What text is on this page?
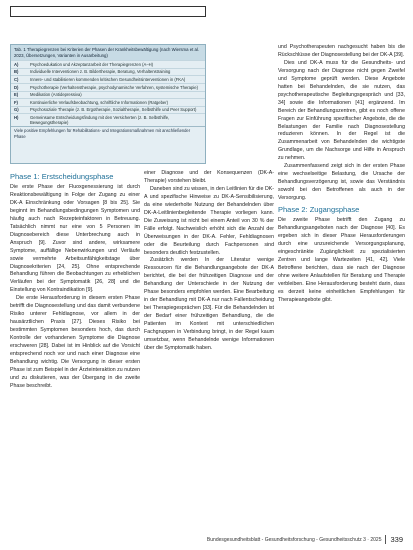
Tab. 1 Therapiegrenzen bei Kriterien der Phasen der Krankheitsbewältigung (nach Wiersma et al. 2023, Übersetzungen, Varianten in Ausarbeitung)
A)	Psychoedukation und Akzeptanzarbeit der Therapiegrenzen (A–H)
B)	Individuelle Interventionen z. B. Bildertherapie, Beratung, Verhaltenstraining
C)	Innere- und stabilisieren kommenden kritischen Gesundheitsinterventionen in (FKA)
D)	Psychotherapie (Verhaltenstherapie, psychodynamische Verfahren, systemische Therapie)
E)	Medikation (Antidepressiva)
F)	Kontinuierliche Verlaufsbeobachtung, schriftliche Informationen (Ratgeber)
G)	Psychosoziale Therapie (z. B. Ergotherapie, Sozialtherapie, Selbsthilfe und Peer Support)
H)	Gemeinsame Entscheidungsfindung mit den Versicherten (z. B. Selbsthilfe, Bewegungstherapie)
Viele positive Empfehlungen für Rehabilitations- und Integrationsmaßnahmen mit anschließender Phase
Phase 1: Erstscheidungsphase

Die erste Phase der Fluoxgenessierung ist durch Reaktionsbewältigung in Folge der Zugang zu einer DK-A Einschränkung oder Vorsagen [8 bis 25]. Sie beginnt im Behandlungsbedingungen Symptomen und häufig auch nach Rezepteinfaktoren in Betreuung. Tatsächlich nimmt nur eine von 5 Personen im Diagnosebereich diese Unterbrechung auch in Anspruch [9]. Zuvor sind andere, wirksamere Symptome, auffällige Nebenwirkungen und Verläufe sowie vermehrte Arbeitsunfähigkeitstage über Diagnosekriterien [24, 25]. Ohne entsprechende Behandlung führen die Beobachtungen zu erheblichen Verläufen bei der Symptomatik [26, 28] und die Einstellung von Kontraindikation [9].

Die erste Herausforderung in diesem ersten Phase betrifft die Diagnosestellung und das damit verbundene Risiko unterer Fehldiagnose, vor allem in der hausärztlichen Praxis [27]. Dieses Risiko bei bestimmten Symptomen besonders hoch, das durch Kontrolle der vorhandenen Symptome die Diagnose erschweren [28]. Dabei ist im Hinblick auf die Vorsicht entsprechend noch vor und nach einer Diagnose eine Behandlung wichtig. Die Versorgung in dieser ersten Phase ist zum Beispiel in der Ärzteinteraktion zu nutzen und zu diskutieren, was der Übergang in die zweite Phase beschreibt.

einer Diagnose und der Konsequenzen (DK-A-Therapie) vorstehen bleibt.

Daneben sind zu wissen, in den Leitlinien für die DK-A und spezifische Hinweise zu DK-A-Sensibilisierung, da eine wiederholte Nutzung der Behandelnden über DK-A-Leitlinienbegleitende Therapie vorliegen kann. Die Zuweisung ist nicht bei einem Anteil von 30 % der Fälle erfolgt. Nachweislich erhöht sich die Anzahl der Überweisungen in der DK-A. Fehler, Fehldiagnosen oder die Beurteilung durch Fachpersonen sind besonders deutlich festzustellen.

Zusätzlich werden In der Literatur wenige Ressourcen für die Behandlungsangebote der DK-A berichtet, die bei der frühzeitigen Diagnose und der Behandlung der Unterschiede in der Nutzung der Phase besonders empfohlen werden. Eine Bearbeitung in der Behandlung mit DK-A nur nach Fallentscheidung bei Therapiegesprächen [33]. Für die Behandelnden ist der Bedarf einer frühzeitigen Behandlung, die die Patienten im Kontext mit unterschiedlichen Fachgruppen in Verbindung bringt, in der Regel kaum umsetzbar, wenn Behandelnde wenige Informationen über die Symptomatik haben.

und Psychotherapeuten nachgesucht haben bis die Rückschlüsse der Diagnosestellung bei der DK-A [39].

Dies und DK-A muss für die Gesundheits- und Versorgung nach der Diagnose nicht gegen Zweifel und Symptome geprüft werden. Diese Angebote hatten bei Behandelnden, die sie nutzen, das psychotherapeutische Begleitungsgespräch und [33, 34] sowie die Informationen [41] ergänzend. Im Bereich der Behandlungszentren, gibt es noch offene Fragen zur Einführung spezifischer Angebote, die die Belastungen der Familie nach Diagnosestellung reduzieren können. In der Regel ist die Zusammenarbeit von Behandelnden die wichtigste Grundlage, um die Nachsorge und Hilfe in Anspruch zu nehmen.

Zusammenfassend zeigt sich in der ersten Phase eine wechselseitige Belastung, die Ursache der Behandlungsverzögerung ist, sowie das Verständnis sowohl bei den Betroffenen als auch in der Versorgung.

Phase 2: Zugangsphase

Die zweite Phase betrifft den Zugang zu Behandlungsangeboten nach der Diagnose [40]. Es ergeben sich in dieser Phase Herausforderungen durch eine unzureichende Versorgungsplanung, eingeschränkte Zugänglichkeit zu spezialisierten Zentren und lange Wartezeiten [41, 42]. Viele Betroffene berichten, dass sie nach der Diagnose ohne weitere Anlaufstellen für Beratung und Therapie verbleiben. Eine Herausforderung besteht darin, dass es derzeit keine einheitlichen Empfehlungen für Therapieangebote gibt.

Bundesgesundheitsblatt - Gesundheitsforschung - Gesundheitsschutz 3 · 2025 339
